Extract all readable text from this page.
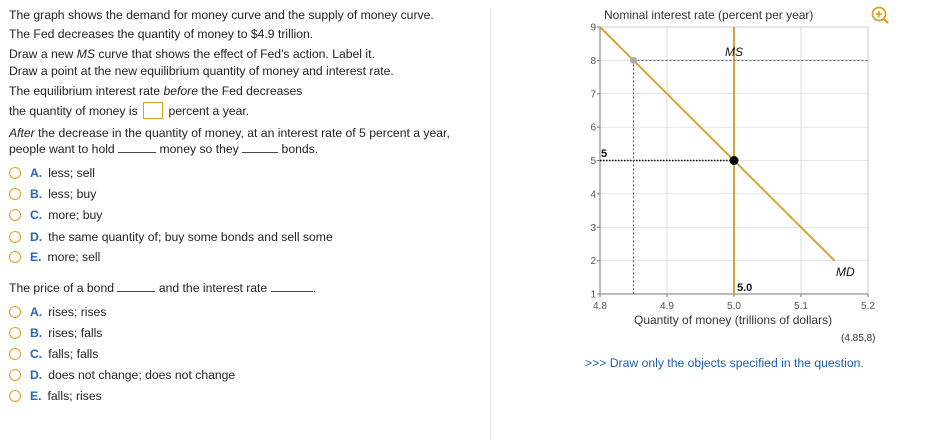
The graph shows the demand for money curve and the supply of money curve.
The Fed decreases the quantity of money to $4.9 trillion.
Draw a new MS curve that shows the effect of Fed's action. Label it.
Draw a point at the new equilibrium quantity of money and interest rate.
The equilibrium interest rate before the Fed decreases
the quantity of money is  percent a year.
After the decrease in the quantity of money, at an interest rate of 5 percent a year,
people want to hold	money so they	bonds.
A. less; sell
B. less; buy
C. more; buy
D. the same quantity of; buy some bonds and sell some
E. more; sell
The price of a bond	and the interest rate	.
A. rises; rises
B. rises; falls
C. falls; falls
D. does not change; does not change
E. falls; rises
Nominal interest rate (percent per year)
Quantity of money (trillions of dollars)
1
2
3
4
5
6
7
8
9
4.8	4.9	5.0	5.1	5.2
MS
MD
5
5.0
(4.85,8)
>>> Draw only the objects specified in the question.
